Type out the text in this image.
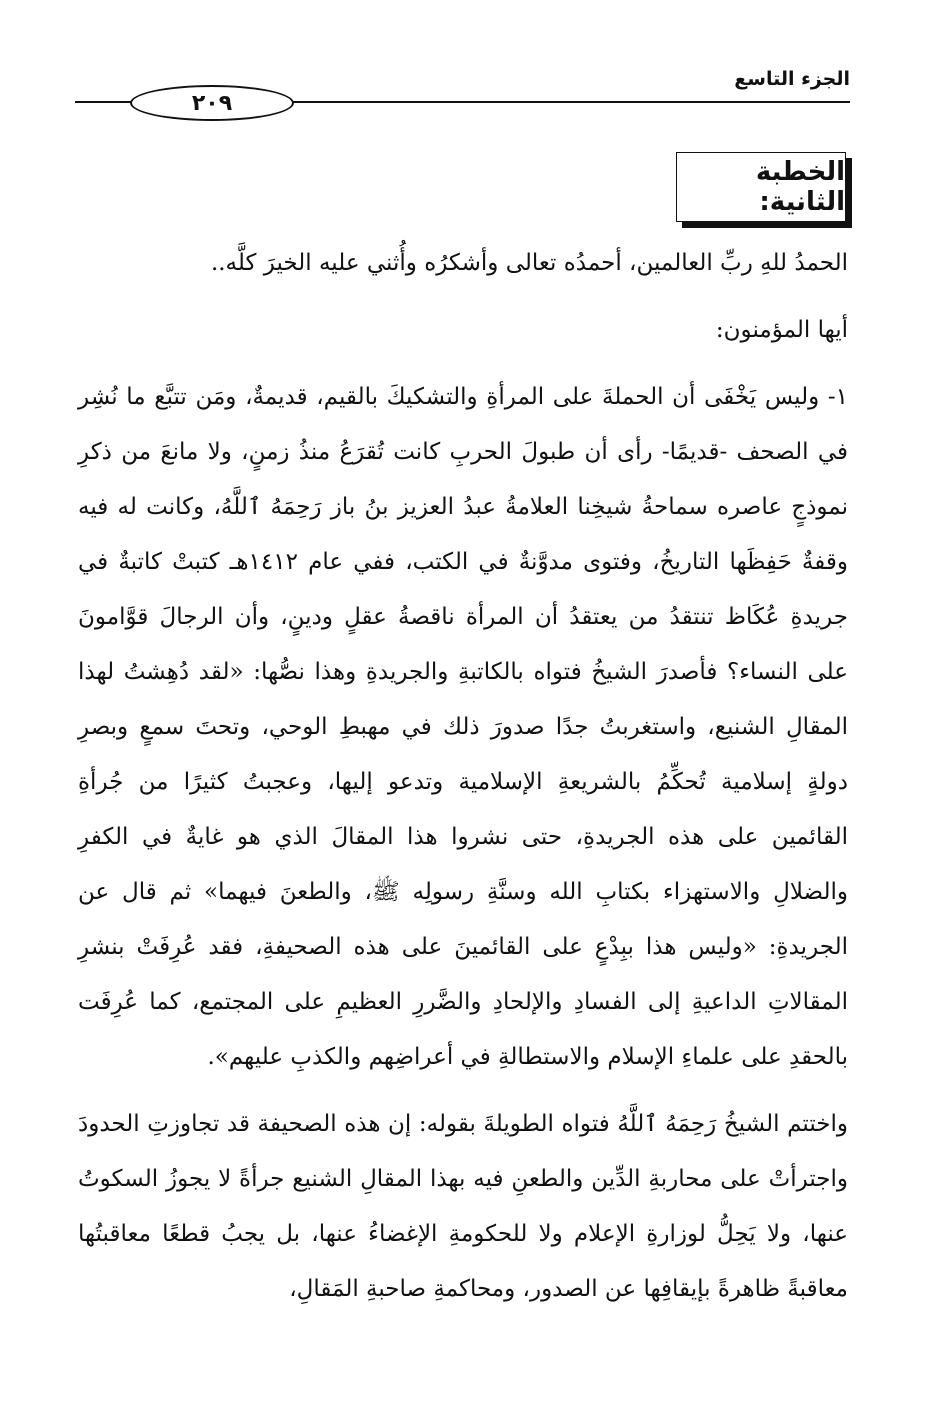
الجزء التاسع
٢٠٩
الخطبة الثانية:

الحمدُ للهِ ربِّ العالمين، أحمدُه تعالى وأشكرُه وأُثني عليه الخيرَ كلَّه..

أيها المؤمنون:

١- وليس يَخْفَى أن الحملةَ على المرأةِ والتشكيكَ بالقيم، قديمةٌ، ومَن تتبَّع ما نُشِر في الصحف -قديمًا- رأى أن طبولَ الحربِ كانت تُقرَعُ منذُ زمنٍ، ولا مانعَ من ذكرِ نموذجٍ عاصره سماحةُ شيخِنا العلامةُ عبدُ العزيز بنُ باز رَحِمَهُ ٱللَّهُ، وكانت له فيه وقفةٌ حَفِظَها التاريخُ، وفتوى مدوَّنةٌ في الكتب، ففي عام ١٤١٢هـ كتبتْ كاتبةٌ في جريدةِ عُكَاظ تنتقدُ من يعتقدُ أن المرأة ناقصةُ عقلٍ ودينٍ، وأن الرجالَ قوَّامونَ على النساء؟ فأصدرَ الشيخُ فتواه بالكاتبةِ والجريدةِ وهذا نصُّها: «لقد دُهِشتُ لهذا المقالِ الشنيع، واستغربتُ جدًا صدورَ ذلك في مهبطِ الوحي، وتحتَ سمعٍ وبصرِ دولةٍ إسلامية تُحكِّمُ بالشريعةِ الإسلامية وتدعو إليها، وعجبتُ كثيرًا من جُرأةِ القائمين على هذه الجريدةِ، حتى نشروا هذا المقالَ الذي هو غايةٌ في الكفرِ والضلالِ والاستهزاء بكتابِ الله وسنَّةِ رسولِه ﷺ، والطعنَ فيهما» ثم قال عن الجريدةِ: «وليس هذا ببِدْعٍ على القائمينَ على هذه الصحيفةِ، فقد عُرِفَتْ بنشرِ المقالاتِ الداعيةِ إلى الفسادِ والإلحادِ والضَّررِ العظيمِ على المجتمع، كما عُرِفَت بالحقدِ على علماءِ الإسلام والاستطالةِ في أعراضِهم والكذبِ عليهم».

واختتم الشيخُ رَحِمَهُ ٱللَّهُ فتواه الطويلةَ بقوله: إن هذه الصحيفة قد تجاوزتِ الحدودَ واجترأتْ على محاربةِ الدِّين والطعنِ فيه بهذا المقالِ الشنيع جرأةً لا يجوزُ السكوتُ عنها، ولا يَحِلُّ لوزارةِ الإعلام ولا للحكومةِ الإغضاءُ عنها، بل يجبُ قطعًا معاقبتُها معاقبةً ظاهرةً بإيقافِها عن الصدور، ومحاكمةِ صاحبةِ المَقالِ،
